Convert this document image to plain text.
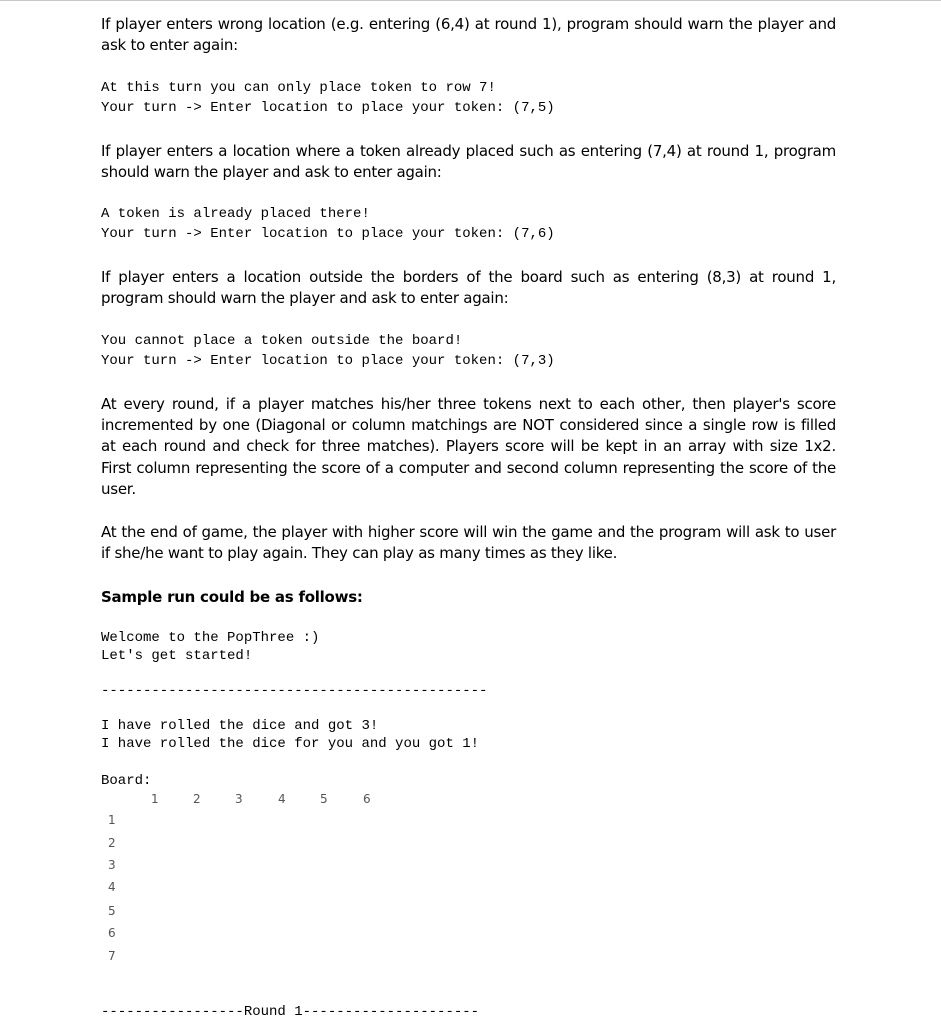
If player enters wrong location (e.g. entering (6,4) at round 1), program should warn the player and ask to enter again:

At this turn you can only place token to row 7!
Your turn -> Enter location to place your token: (7,5)

If player enters a location where a token already placed such as entering (7,4) at round 1, program should warn the player and ask to enter again:

A token is already placed there!
Your turn -> Enter location to place your token: (7,6)

If player enters a location outside the borders of the board such as entering (8,3) at round 1, program should warn the player and ask to enter again:

You cannot place a token outside the board!
Your turn -> Enter location to place your token: (7,3)

At every round, if a player matches his/her three tokens next to each other, then player's score incremented by one (Diagonal or column matchings are NOT considered since a single row is filled at each round and check for three matches). Players score will be kept in an array with size 1x2. First column representing the score of a computer and second column representing the score of the user.

At the end of game, the player with higher score will win the game and the program will ask to user if she/he want to play again. They can play as many times as they like.

Sample run could be as follows:

Welcome to the PopThree :)
Let's get started!
----------------------------------------------
I have rolled the dice and got 3!
I have rolled the dice for you and you got 1!
Board:
1	2	3	4	5	6
1
2
3
4
5
6
7
-----------------Round 1---------------------
